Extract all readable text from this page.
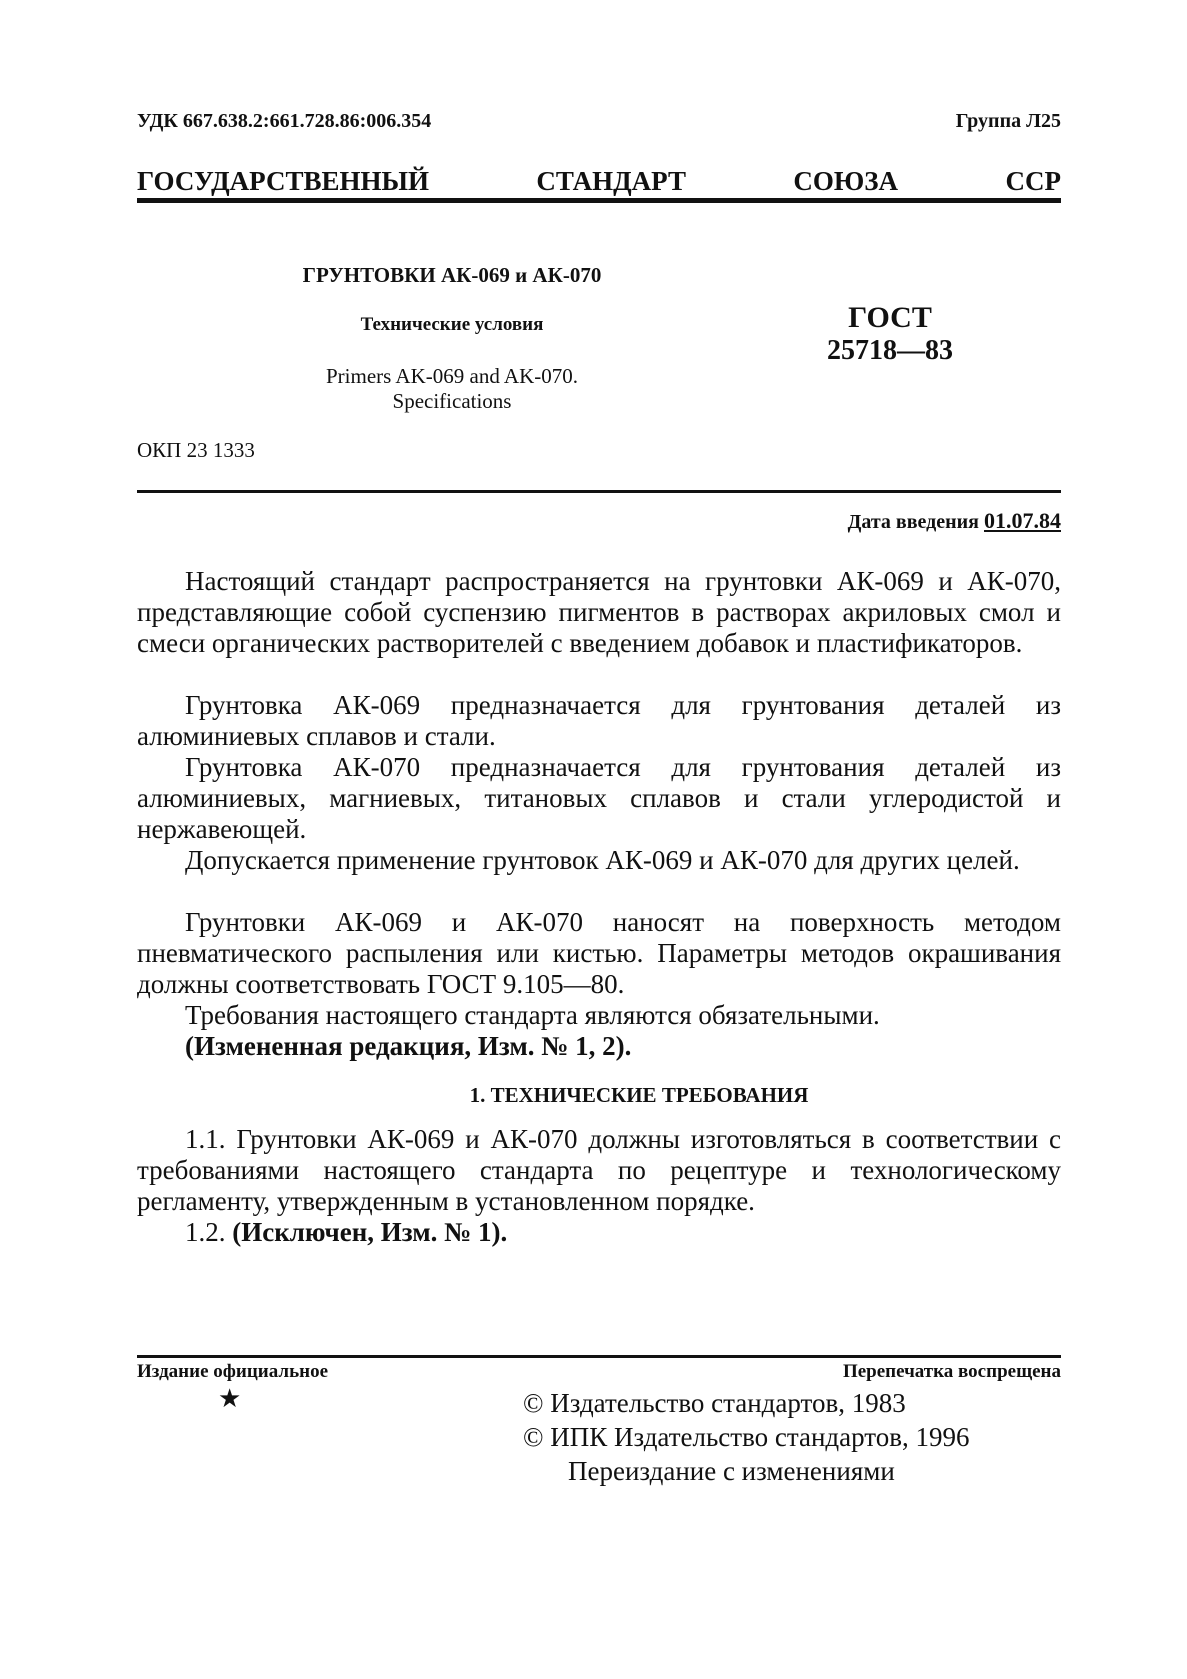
УДК 667.638.2:661.728.86:006.354	Группа Л25
ГОСУДАРСТВЕННЫЙ	СТАНДАРТ	СОЮЗА	ССР
ГРУНТОВКИ АК-069 и АК-070
Технические условия
Primers AK-069 and AK-070.
Specifications
ГОСТ
25718—83
ОКП 23 1333
Дата введения 01.07.84
Настоящий стандарт распространяется на грунтовки АК-069 и АК-070, представляющие собой суспензию пигментов в растворах акриловых смол и смеси органических растворителей с введением добавок и пластификаторов.
Грунтовка АК-069 предназначается для грунтования деталей из алюминиевых сплавов и стали.
Грунтовка АК-070 предназначается для грунтования деталей из алюминиевых, магниевых, титановых сплавов и стали углеродистой и нержавеющей.
Допускается применение грунтовок АК-069 и АК-070 для других целей.
Грунтовки АК-069 и АК-070 наносят на поверхность методом пневматического распыления или кистью. Параметры методов окрашивания должны соответствовать ГОСТ 9.105—80.
Требования настоящего стандарта являются обязательными.
(Измененная редакция, Изм. № 1, 2).
1. ТЕХНИЧЕСКИЕ ТРЕБОВАНИЯ
1.1. Грунтовки АК-069 и АК-070 должны изготовляться в соответствии с требованиями настоящего стандарта по рецептуре и технологическому регламенту, утвержденным в установленном порядке.
1.2. (Исключен, Изм. № 1).
Издание официальное	Перепечатка воспрещена
★	© Издательство стандартов, 1983
© ИПК Издательство стандартов, 1996
Переиздание с изменениями
